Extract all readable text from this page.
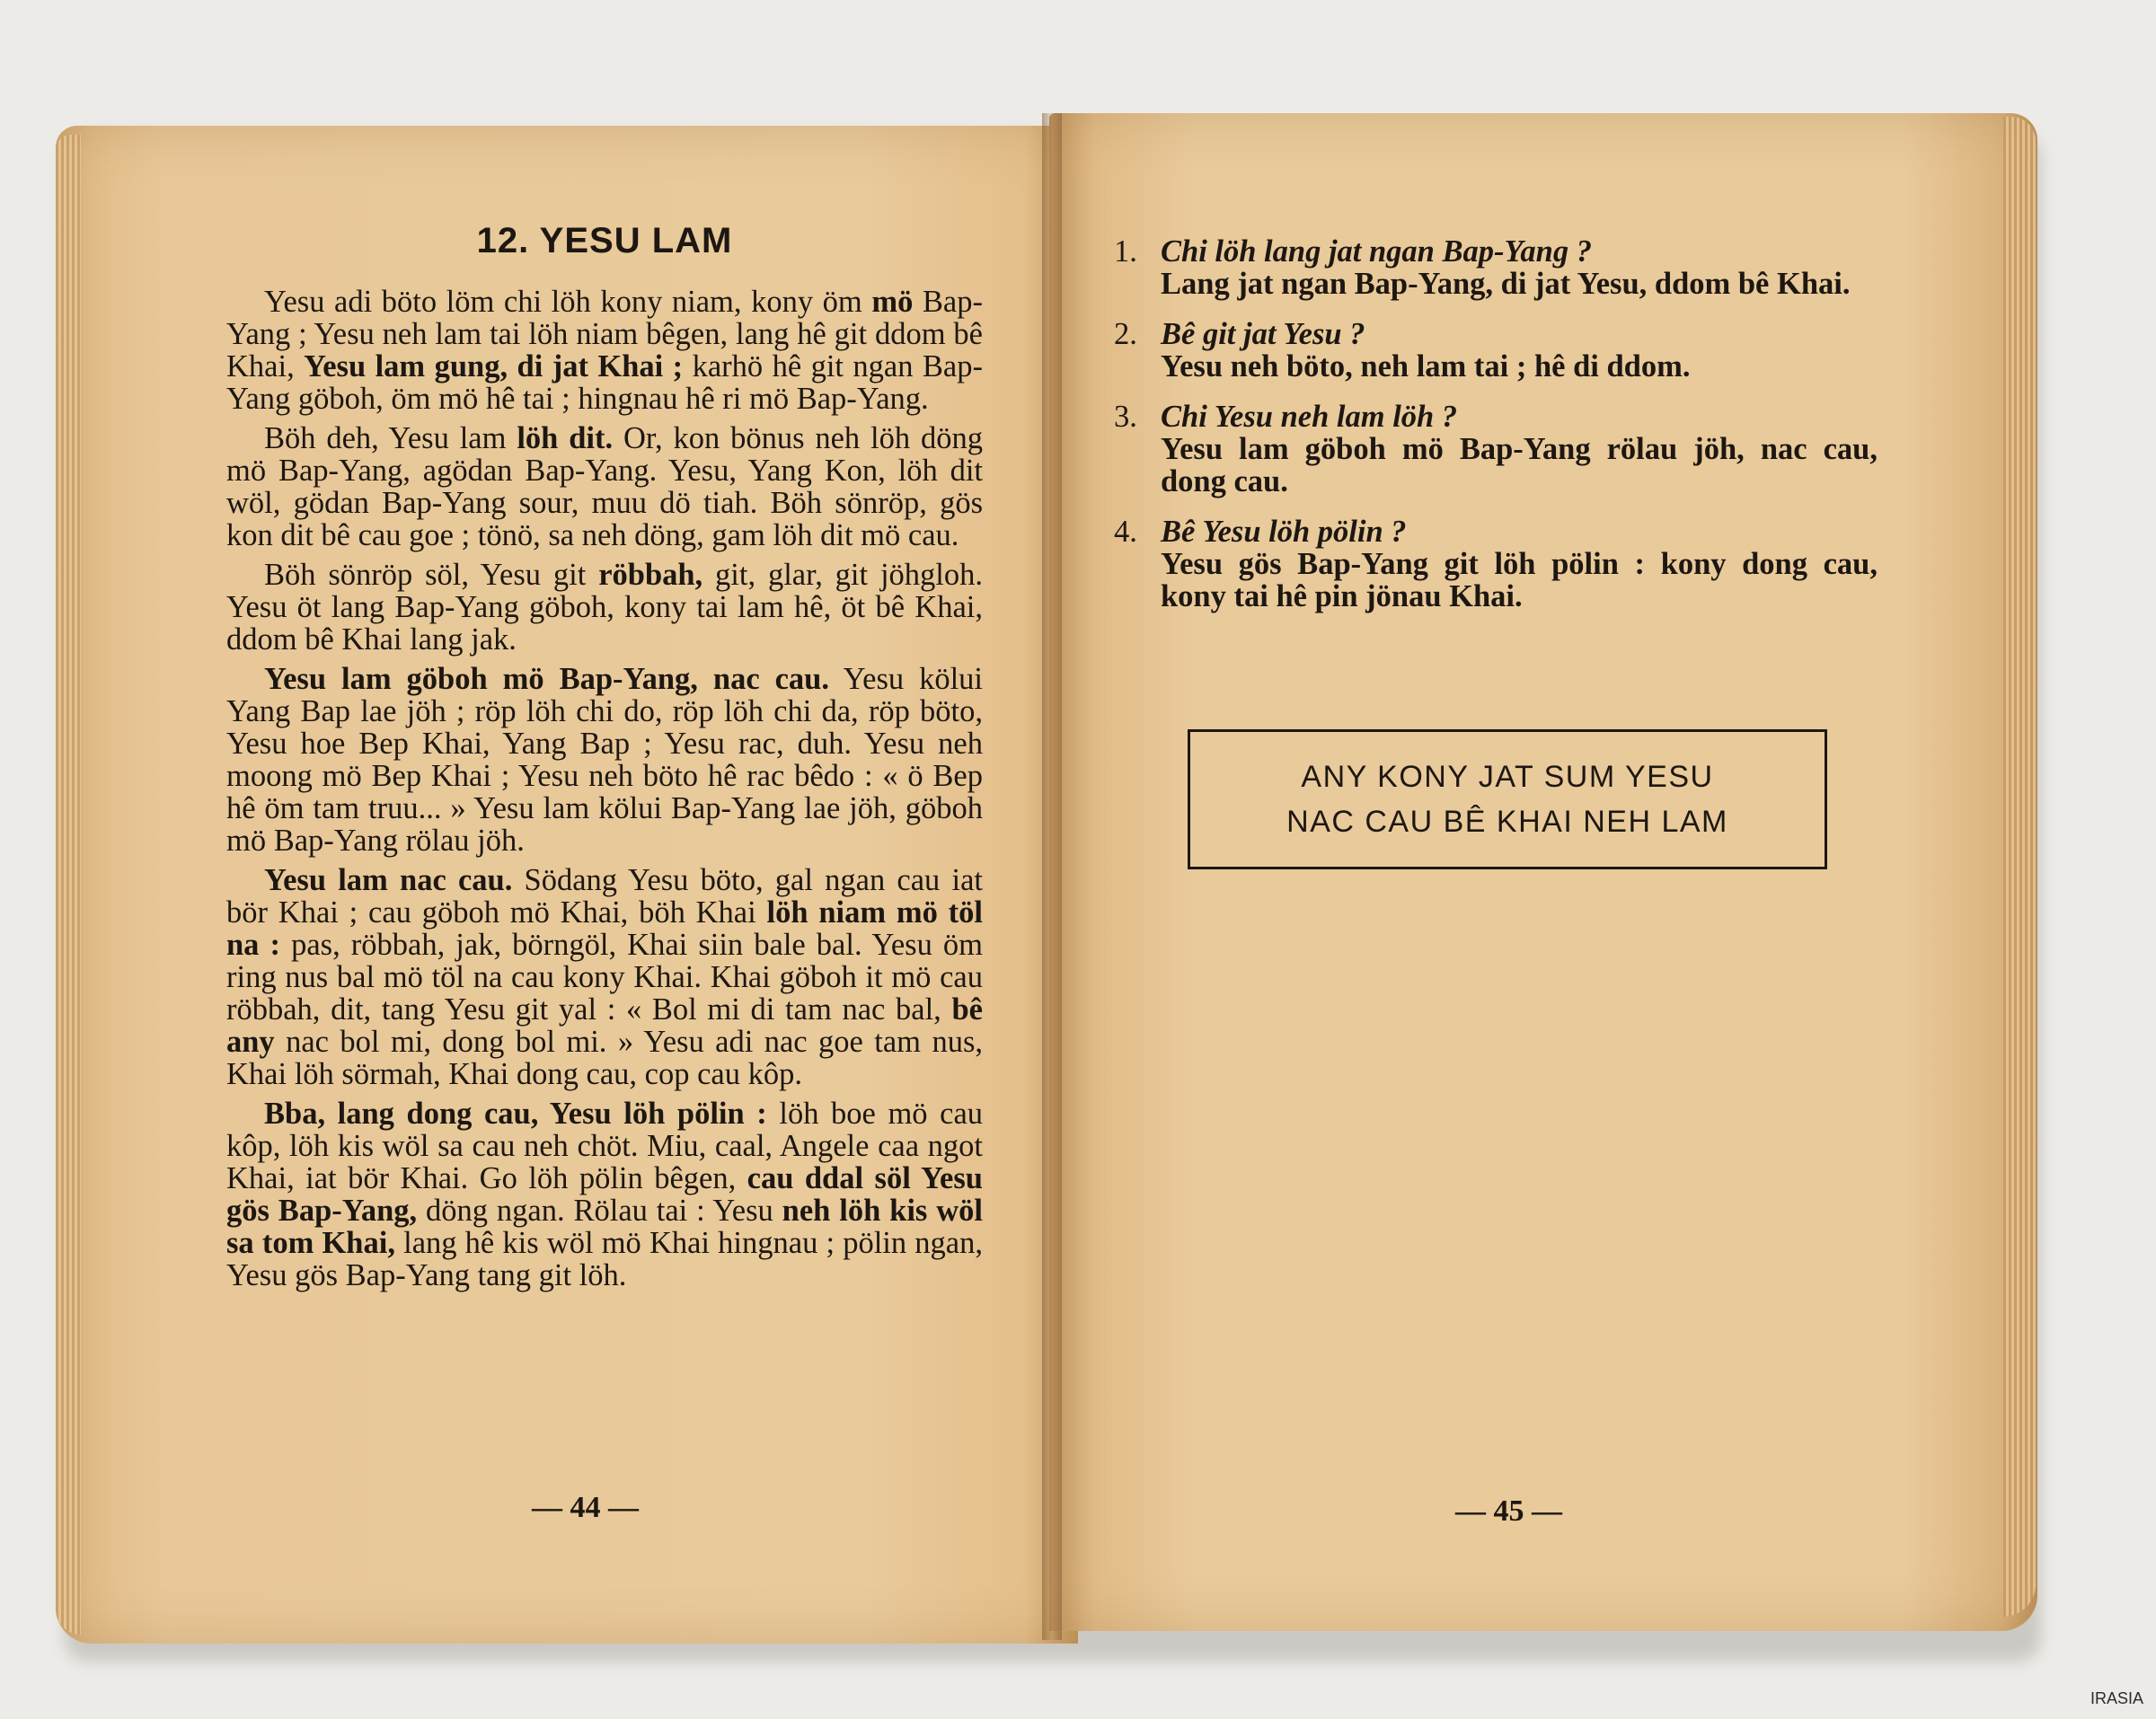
12. YESU LAM

Yesu adi böto löm chi löh kony niam, kony öm mö Bap-Yang ; Yesu neh lam tai löh niam bêgen, lang hê git ddom bê Khai, Yesu lam gung, di jat Khai ; karhö hê git ngan Bap-Yang göboh, öm mö hê tai ; hingnau hê ri mö Bap-Yang.

Böh deh, Yesu lam löh dit. Or, kon bönus neh löh döng mö Bap-Yang, agödan Bap-Yang. Yesu, Yang Kon, löh dit wöl, gödan Bap-Yang sour, muu dö tiah. Böh sönröp, gös kon dit bê cau goe ; tönö, sa neh döng, gam löh dit mö cau.

Böh sönröp söl, Yesu git röbbah, git, glar, git jöhgloh. Yesu öt lang Bap-Yang göboh, kony tai lam hê, öt bê Khai, ddom bê Khai lang jak.

Yesu lam göboh mö Bap-Yang, nac cau. Yesu kölui Yang Bap lae jöh ; röp löh chi do, röp löh chi da, röp böto, Yesu hoe Bep Khai, Yang Bap ; Yesu rac, duh. Yesu neh moong mö Bep Khai ; Yesu neh böto hê rac bêdo : « ö Bep hê öm tam truu... » Yesu lam kölui Bap-Yang lae jöh, göboh mö Bap-Yang rölau jöh.

Yesu lam nac cau. Södang Yesu böto, gal ngan cau iat bör Khai ; cau göboh mö Khai, böh Khai löh niam mö töl na : pas, röbbah, jak, börngöl, Khai siin bale bal. Yesu öm ring nus bal mö töl na cau kony Khai. Khai göboh it mö cau röbbah, dit, tang Yesu git yal : « Bol mi di tam nac bal, bê any nac bol mi, dong bol mi. » Yesu adi nac goe tam nus, Khai löh sörmah, Khai dong cau, cop cau kôp.

Bba, lang dong cau, Yesu löh pölin : löh boe mö cau kôp, löh kis wöl sa cau neh chöt. Miu, caal, Angele caa ngot Khai, iat bör Khai. Go löh pölin bêgen, cau ddal söl Yesu gös Bap-Yang, döng ngan. Rölau tai : Yesu neh löh kis wöl sa tom Khai, lang hê kis wöl mö Khai hingnau ; pölin ngan, Yesu gös Bap-Yang tang git löh.

— 44 —
1. Chi löh lang jat ngan Bap-Yang ?
Lang jat ngan Bap-Yang, di jat Yesu, ddom bê Khai.
2. Bê git jat Yesu ?
Yesu neh böto, neh lam tai ; hê di ddom.
3. Chi Yesu neh lam löh ?
Yesu lam göboh mö Bap-Yang rölau jöh, nac cau, dong cau.
4. Bê Yesu löh pölin ?
Yesu gös Bap-Yang git löh pölin : kony dong cau, kony tai hê pin jönau Khai.
ANY KONY JAT SUM YESU
NAC CAU BÊ KHAI NEH LAM
— 45 —
IRASIA
